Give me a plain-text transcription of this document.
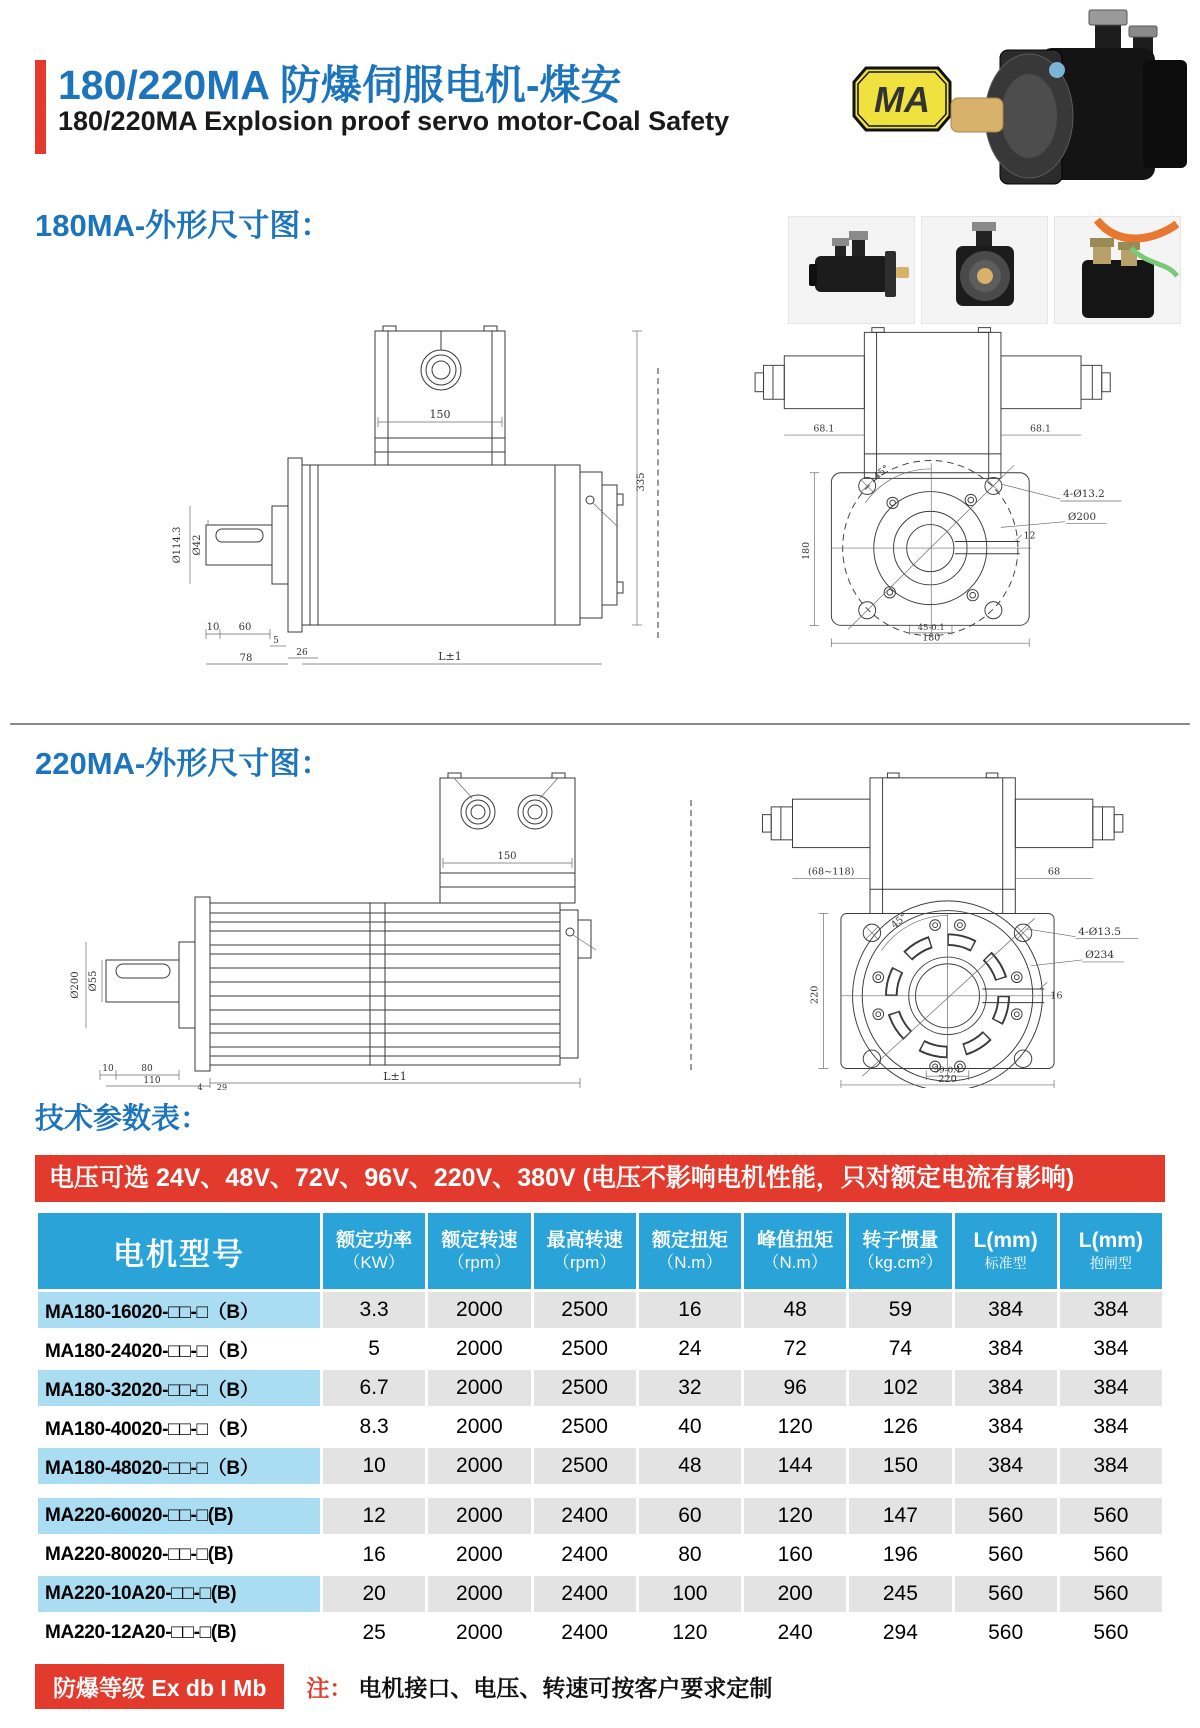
180/220MA 防爆伺服电机-煤安
180/220MA Explosion proof servo motor-Coal Safety
MA
180MA-外形尺寸图：
150
Ø114.3 Ø42
10 60
5
26
78	L±1
335
68.1	68.1
45°
4-Ø13.2
Ø200
180
12
45-0.1
180
220MA-外形尺寸图：
150
Ø200 Ø55
10	80
110
4 29
L±1
(68~118)	68
45°
4-Ø13.5
Ø234
220	16
59-0.1
220
技术参数表：
电压可选 24V、48V、72V、96V、220V、380V (电压不影响电机性能，只对额定电流有影响)
电机型号	额定功率
（KW）

额定转速
（rpm）

最高转速
（rpm）

额定扭矩
（N.m）

峰值扭矩
（N.m）

转子惯量
（kg.cm²）

L(mm)
标准型

L(mm)
抱闸型

MA180-16020-□□-□（B）	3.3	2000	2500	16	48	59	384	384
MA180-24020-□□-□（B）	5	2000	2500	24	72	74	384	384
MA180-32020-□□-□（B）	6.7	2000	2500	32	96	102	384	384
MA180-40020-□□-□（B）	8.3	2000	2500	40	120	126	384	384
MA180-48020-□□-□（B）	10	2000	2500	48	144	150	384	384

MA220-60020-□□-□(B)	12	2000	2400	60	120	147	560	560
MA220-80020-□□-□(B)	16	2000	2400	80	160	196	560	560
MA220-10A20-□□-□(B)	20	2000	2400	100	200	245	560	560
MA220-12A20-□□-□(B)	25	2000	2400	120	240	294	560	560
防爆等级 Ex db I Mb	注： 电机接口、电压、转速可按客户要求定制
